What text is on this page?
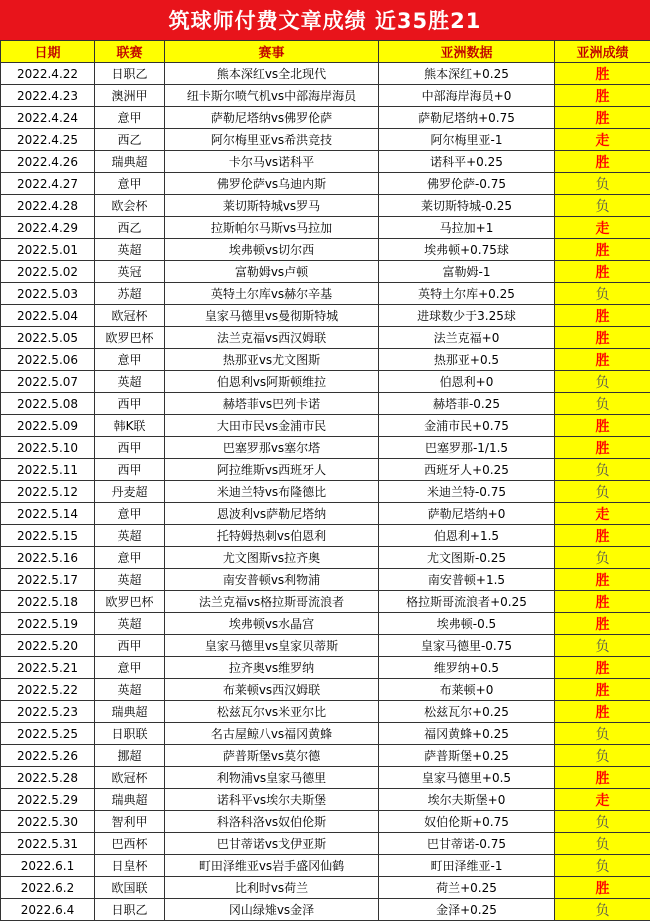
筑球师付费文章成绩 近35胜21
日期	联赛	赛事	亚洲数据	亚洲成绩
2022.4.22	日职乙	熊本深红vs全北现代	熊本深红+0.25	胜
2022.4.23	澳洲甲	纽卡斯尔喷气机vs中部海岸海员	中部海岸海员+0	胜
2022.4.24	意甲	萨勒尼塔纳vs佛罗伦萨	萨勒尼塔纳+0.75	胜
2022.4.25	西乙	阿尔梅里亚vs希洪竞技	阿尔梅里亚-1	走
2022.4.26	瑞典超	卡尔马vs诺科平	诺科平+0.25	胜
2022.4.27	意甲	佛罗伦萨vs乌迪内斯	佛罗伦萨-0.75	负
2022.4.28	欧会杯	莱切斯特城vs罗马	莱切斯特城-0.25	负
2022.4.29	西乙	拉斯帕尔马斯vs马拉加	马拉加+1	走
2022.5.01	英超	埃弗顿vs切尔西	埃弗顿+0.75球	胜
2022.5.02	英冠	富勒姆vs卢顿	富勒姆-1	胜
2022.5.03	苏超	英特土尔库vs赫尔辛基	英特土尔库+0.25	负
2022.5.04	欧冠杯	皇家马德里vs曼彻斯特城	进球数少于3.25球	胜
2022.5.05	欧罗巴杯	法兰克福vs西汉姆联	法兰克福+0	胜
2022.5.06	意甲	热那亚vs尤文图斯	热那亚+0.5	胜
2022.5.07	英超	伯恩利vs阿斯顿维拉	伯恩利+0	负
2022.5.08	西甲	赫塔菲vs巴列卡诺	赫塔菲-0.25	负
2022.5.09	韩K联	大田市民vs金浦市民	金浦市民+0.75	胜
2022.5.10	西甲	巴塞罗那vs塞尔塔	巴塞罗那-1/1.5	胜
2022.5.11	西甲	阿拉维斯vs西班牙人	西班牙人+0.25	负
2022.5.12	丹麦超	米迪兰特vs布隆德比	米迪兰特-0.75	负
2022.5.14	意甲	恩波利vs萨勒尼塔纳	萨勒尼塔纳+0	走
2022.5.15	英超	托特姆热刺vs伯恩利	伯恩利+1.5	胜
2022.5.16	意甲	尤文图斯vs拉齐奥	尤文图斯-0.25	负
2022.5.17	英超	南安普顿vs利物浦	南安普顿+1.5	胜
2022.5.18	欧罗巴杯	法兰克福vs格拉斯哥流浪者	格拉斯哥流浪者+0.25	胜
2022.5.19	英超	埃弗顿vs水晶宫	埃弗顿-0.5	胜
2022.5.20	西甲	皇家马德里vs皇家贝蒂斯	皇家马德里-0.75	负
2022.5.21	意甲	拉齐奥vs维罗纳	维罗纳+0.5	胜
2022.5.22	英超	布莱顿vs西汉姆联	布莱顿+0	胜
2022.5.23	瑞典超	松兹瓦尔vs米亚尔比	松兹瓦尔+0.25	胜
2022.5.25	日职联	名古屋鲸八vs福冈黄蜂	福冈黄蜂+0.25	负
2022.5.26	挪超	萨普斯堡vs莫尔德	萨普斯堡+0.25	负
2022.5.28	欧冠杯	利物浦vs皇家马德里	皇家马德里+0.5	胜
2022.5.29	瑞典超	诺科平vs埃尔夫斯堡	埃尔夫斯堡+0	走
2022.5.30	智利甲	科洛科洛vs奴伯伦斯	奴伯伦斯+0.75	负
2022.5.31	巴西杯	巴甘蒂诺vs戈伊亚斯	巴甘蒂诺-0.75	负
2022.6.1	日皇杯	町田泽维亚vs岩手盛冈仙鹤	町田泽维亚-1	负
2022.6.2	欧国联	比利时vs荷兰	荷兰+0.25	胜
2022.6.4	日职乙	冈山绿雉vs金泽	金泽+0.25	负
